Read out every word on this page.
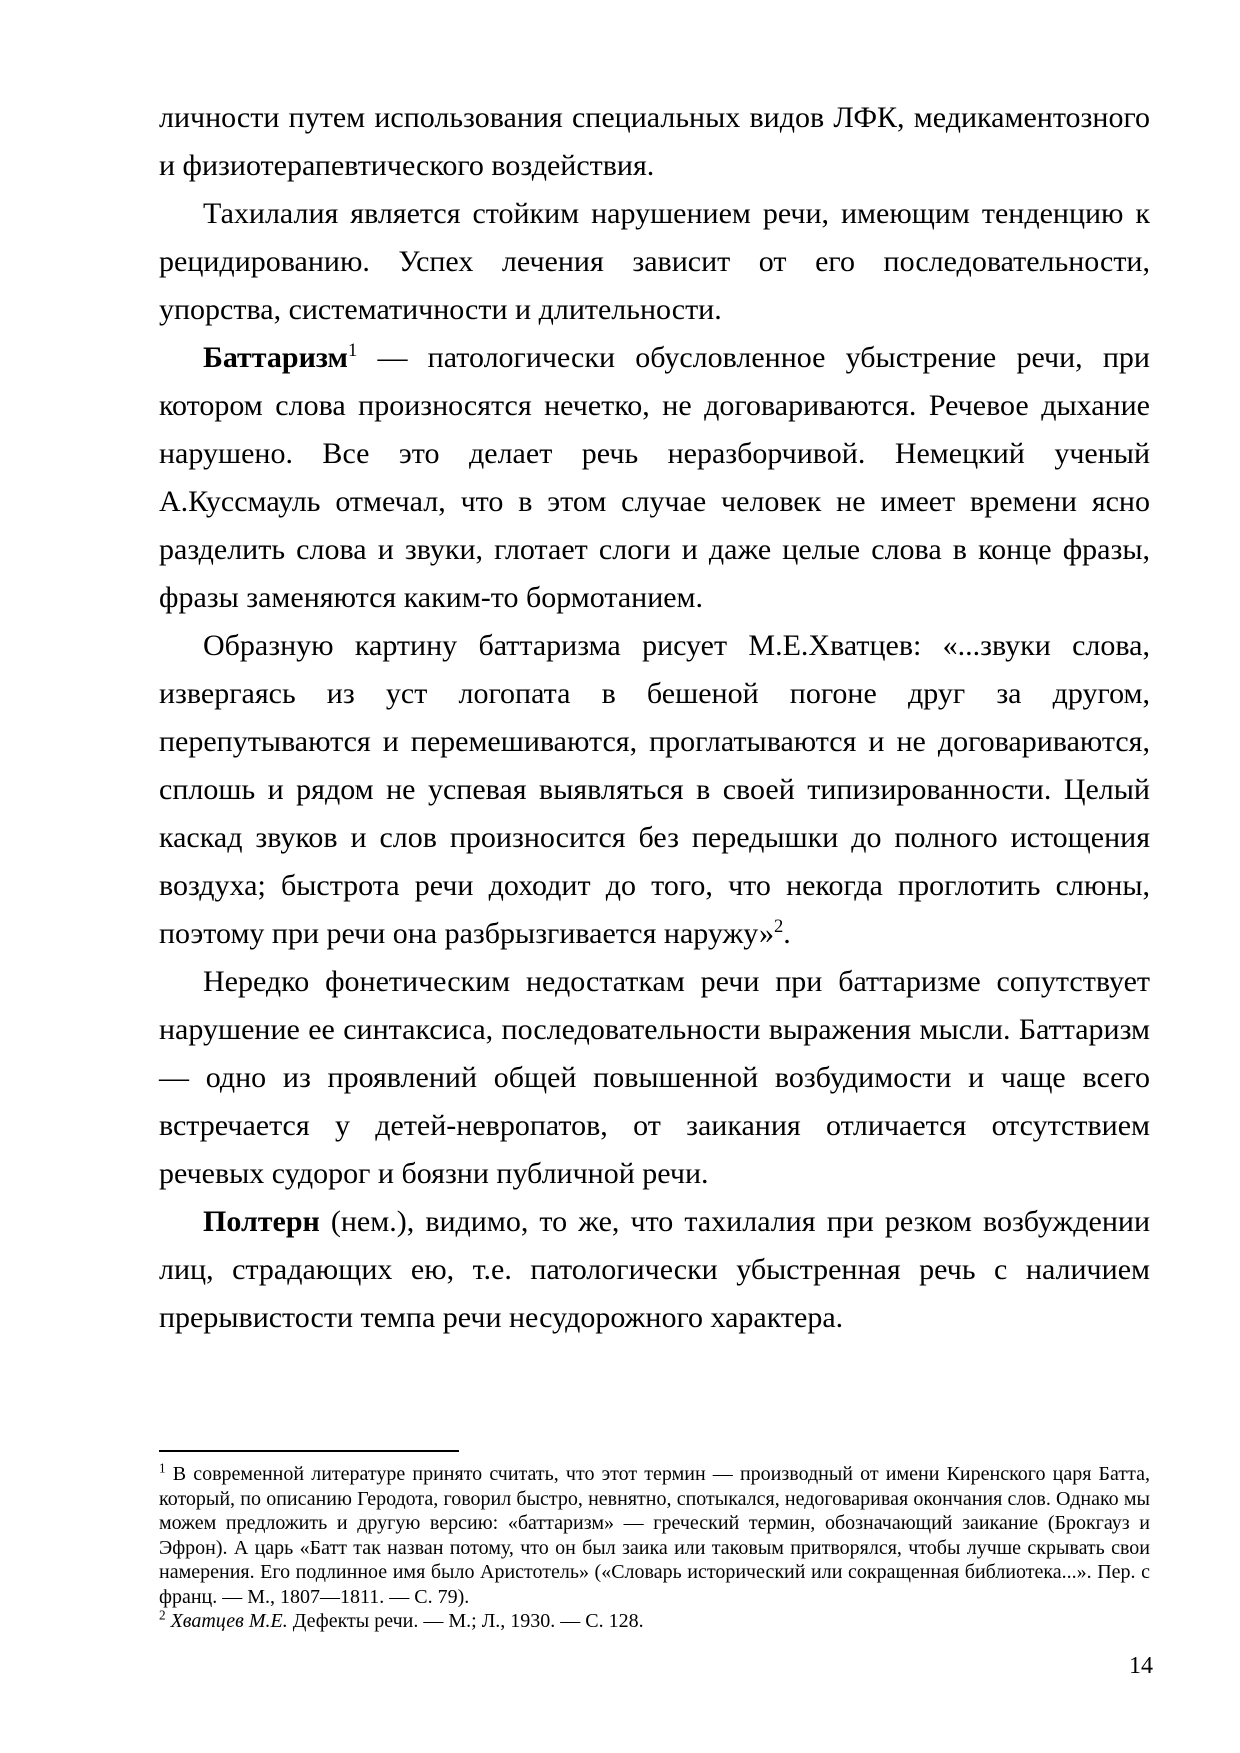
личности путем использования специальных видов ЛФК, медикаментозного и физиотерапевтического воздействия.

Тахилалия является стойким нарушением речи, имеющим тенденцию к рецидированию. Успех лечения зависит от его последовательности, упорства, систематичности и длительности.

Баттаризм$^1$ — патологически обусловленное убыстрение речи, при котором слова произносятся нечетко, не договариваются. Речевое дыхание нарушено. Все это делает речь неразборчивой. Немецкий ученый А.Куссмауль отмечал, что в этом случае человек не имеет времени ясно разделить слова и звуки, глотает слоги и даже целые слова в конце фразы, фразы заменяются каким-то бормотанием.

Образную картину баттаризма рисует М.Е.Хватцев: «...звуки слова, извергаясь из уст логопата в бешеной погоне друг за другом, перепутываются и перемешиваются, проглатываются и не договариваются, сплошь и рядом не успевая выявляться в своей типизированности. Целый каскад звуков и слов произносится без передышки до полного истощения воздуха; быстрота речи доходит до того, что некогда проглотить слюны, поэтому при речи она разбрызгивается наружу»$^2$.

Нередко фонетическим недостаткам речи при баттаризме сопутствует нарушение ее синтаксиса, последовательности выражения мысли. Баттаризм — одно из проявлений общей повышенной возбудимости и чаще всего встречается у детей-невропатов, от заикания отличается отсутствием речевых судорог и боязни публичной речи.

Полтерн (нем.), видимо, то же, что тахилалия при резком возбуждении лиц, страдающих ею, т.е. патологически убыстренная речь с наличием прерывистости темпа речи несудорожного характера.

$^1$ В современной литературе принято считать, что этот термин — производный от имени Киренского царя Батта, который, по описанию Геродота, говорил быстро, невнятно, спотыкался, недоговаривая окончания слов. Однако мы можем предложить и другую версию: «баттаризм» — греческий термин, обозначающий заикание (Брокгауз и Эфрон). А царь «Батт так назван потому, что он был заика или таковым притворялся, чтобы лучше скрывать свои намерения. Его подлинное имя было Аристотель» («Словарь исторический или сокращенная библиотека...». Пер. с франц. — М., 1807—1811. — С. 79).

$^2$ Хватцев М.Е. Дефекты речи. — М.; Л., 1930. — С. 128.

14
